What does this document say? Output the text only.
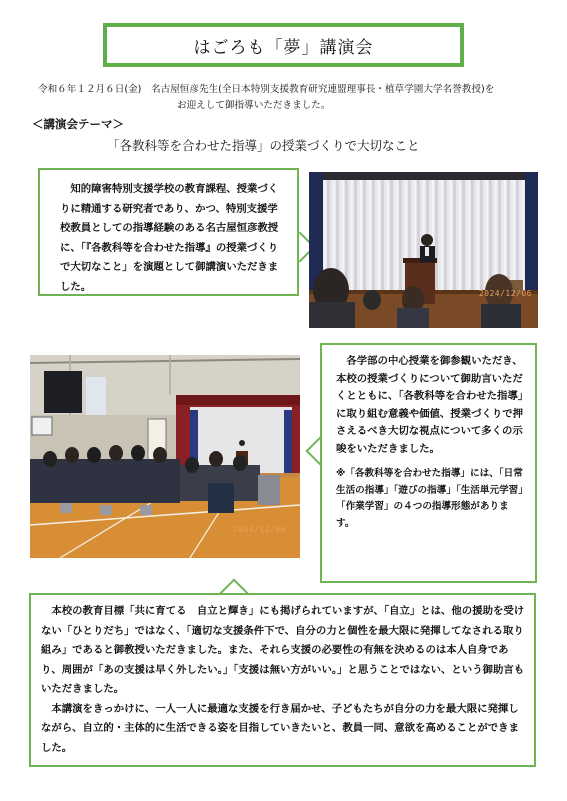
はごろも「夢」講演会
令和６年１２月６日(金)　名古屋恒彦先生(全日本特別支援教育研究連盟理事長・植草学園大学名誉教授)を
お迎えして御指導いただきました。
＜講演会テーマ＞
「各教科等を合わせた指導」の授業づくりで大切なこと
知的障害特別支援学校の教育課程、授業づくりに精通する研究者であり、かつ、特別支援学校教員としての指導経験のある名古屋恒彦教授に、「『各教科等を合わせた指導』の授業づくりで大切なこと」を演題として御講演いただきました。
2024/12/06
2024/12/06
各学部の中心授業を御参観いただき、本校の授業づくりについて御助言いただくとともに、「各教科等を合わせた指導」に取り組む意義や価値、授業づくりで押さえるべき大切な視点について多くの示唆をいただきました。
※「各教科等を合わせた指導」には、「日常生活の指導」「遊びの指導」「生活単元学習」「作業学習」の４つの指導形態があります。
本校の教育目標「共に育てる　自立と輝き」にも掲げられていますが、「自立」とは、他の援助を受けない「ひとりだち」ではなく、「適切な支援条件下で、自分の力と個性を最大限に発揮してなされる取り組み」であると御教授いただきました。また、それら支援の必要性の有無を決めるのは本人自身であり、周囲が「あの支援は早く外したい。」「支援は無い方がいい。」と思うことではない、という御助言もいただきました。
本講演をきっかけに、一人一人に最適な支援を行き届かせ、子どもたちが自分の力を最大限に発揮しながら、自立的・主体的に生活できる姿を目指していきたいと、教員一同、意欲を高めることができました。
